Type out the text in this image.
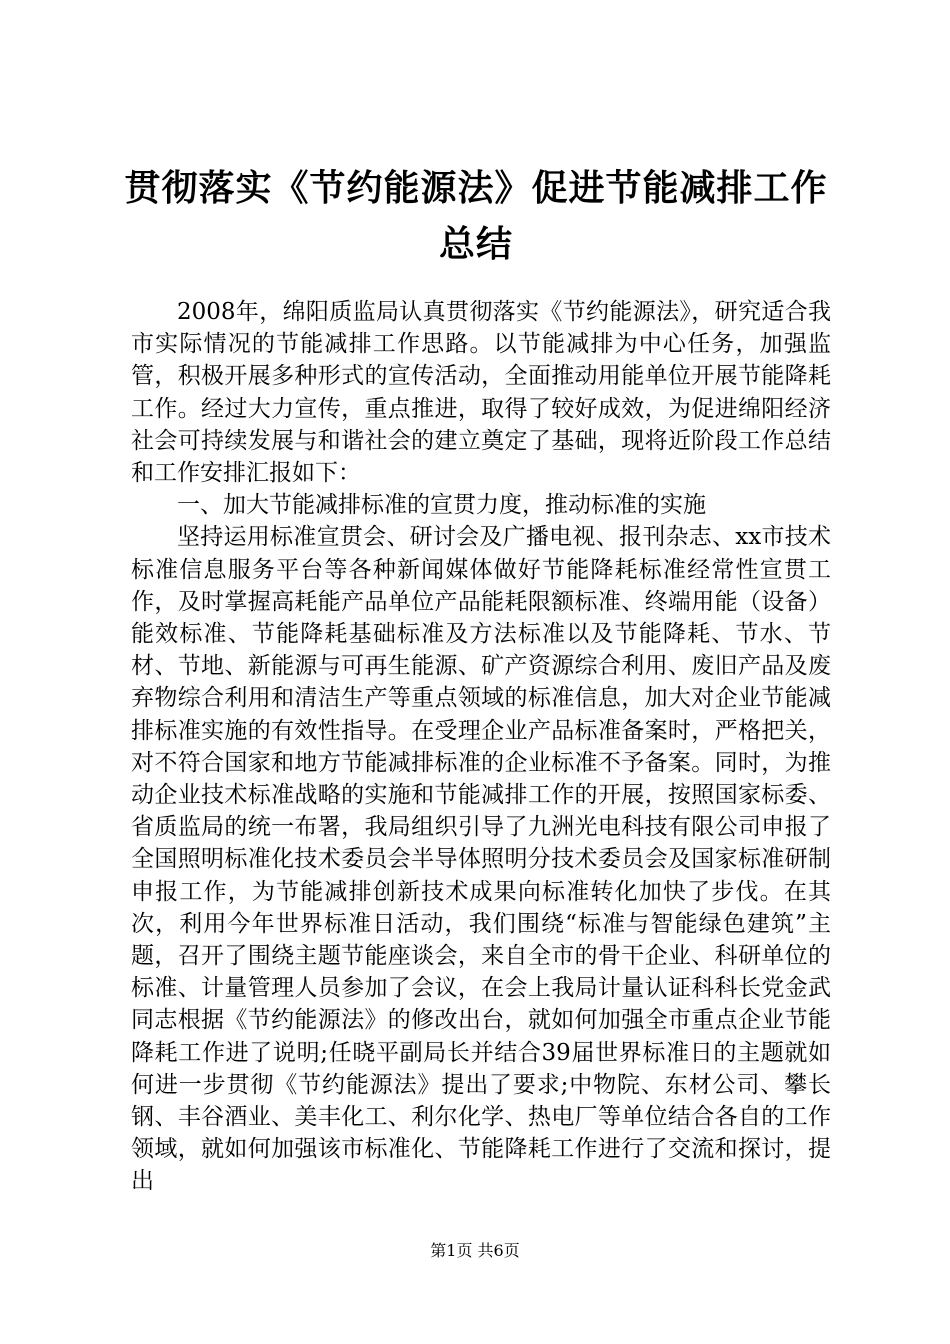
贯彻落实《节约能源法》促进节能减排工作总结

2008年，绵阳质监局认真贯彻落实《节约能源法》，研究适合我市实际情况的节能减排工作思路。以节能减排为中心任务，加强监管，积极开展多种形式的宣传活动，全面推动用能单位开展节能降耗工作。经过大力宣传，重点推进，取得了较好成效，为促进绵阳经济社会可持续发展与和谐社会的建立奠定了基础，现将近阶段工作总结和工作安排汇报如下：

一、加大节能减排标准的宣贯力度，推动标准的实施

坚持运用标准宣贯会、研讨会及广播电视、报刊杂志、xx市技术标准信息服务平台等各种新闻媒体做好节能降耗标准经常性宣贯工作，及时掌握高耗能产品单位产品能耗限额标准、终端用能（设备）能效标准、节能降耗基础标准及方法标准以及节能降耗、节水、节材、节地、新能源与可再生能源、矿产资源综合利用、废旧产品及废弃物综合利用和清洁生产等重点领域的标准信息，加大对企业节能减排标准实施的有效性指导。在受理企业产品标准备案时，严格把关，对不符合国家和地方节能减排标准的企业标准不予备案。同时，为推动企业技术标准战略的实施和节能减排工作的开展，按照国家标委、省质监局的统一布署，我局组织引导了九洲光电科技有限公司申报了全国照明标准化技术委员会半导体照明分技术委员会及国家标准研制申报工作，为节能减排创新技术成果向标准转化加快了步伐。在其次，利用今年世界标准日活动，我们围绕“标准与智能绿色建筑”主题，召开了围绕主题节能座谈会，来自全市的骨干企业、科研单位的标准、计量管理人员参加了会议，在会上我局计量认证科科长党金武同志根据《节约能源法》的修改出台，就如何加强全市重点企业节能降耗工作进了说明;任晓平副局长并结合39届世界标准日的主题就如何进一步贯彻《节约能源法》提出了要求;中物院、东材公司、攀长钢、丰谷酒业、美丰化工、利尔化学、热电厂等单位结合各自的工作领域，就如何加强该市标准化、节能降耗工作进行了交流和探讨，提出

第1页 共6页
